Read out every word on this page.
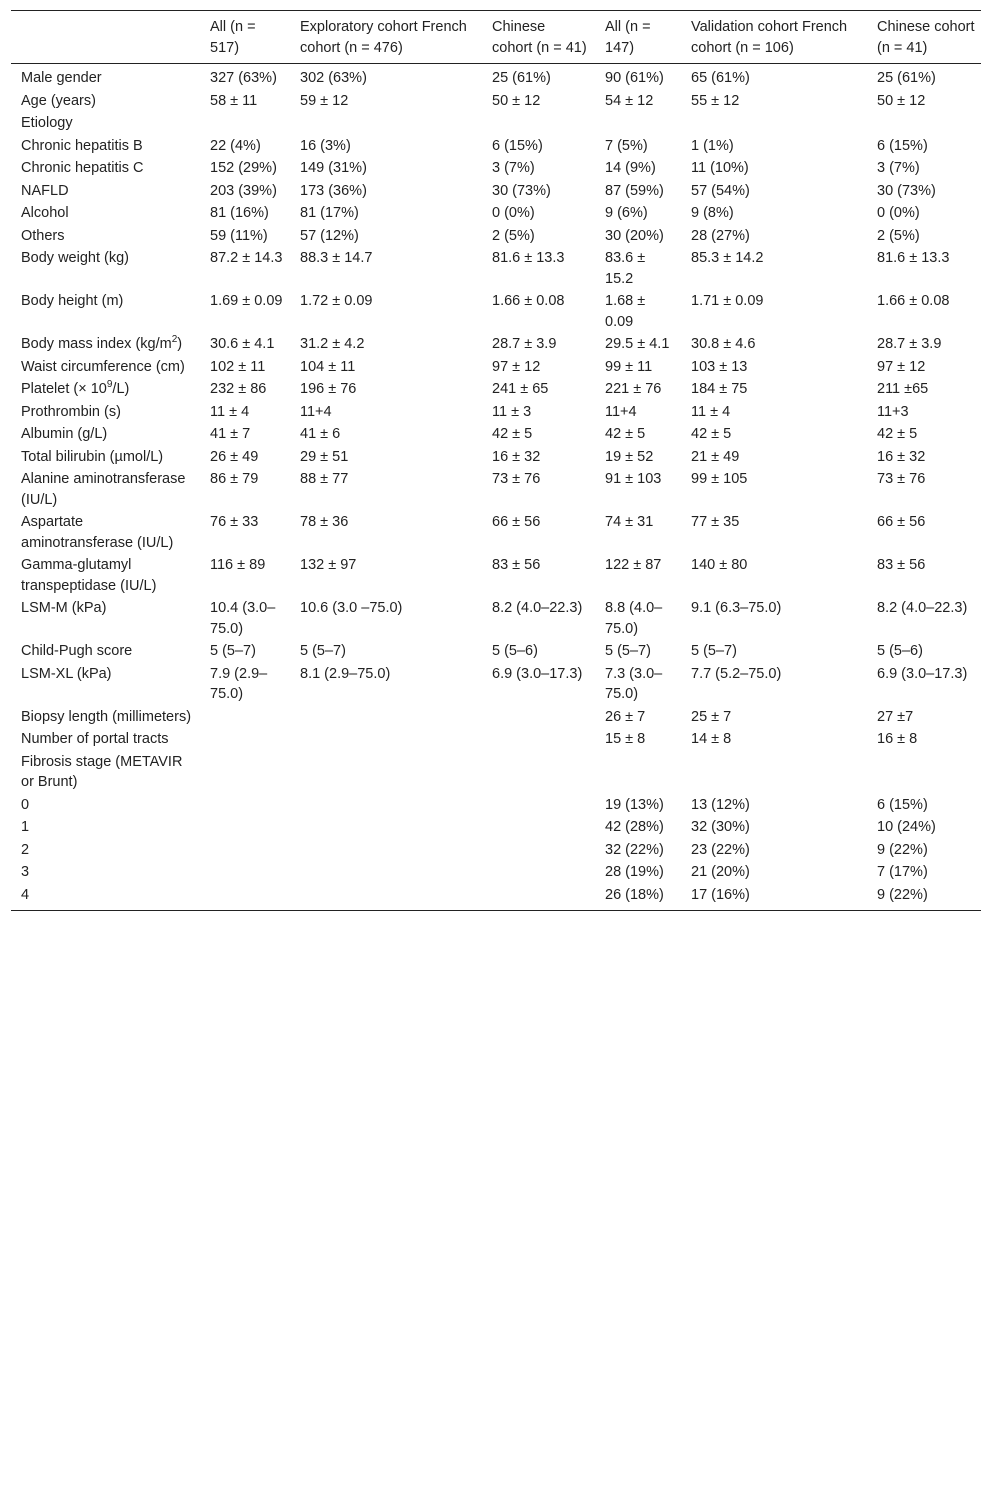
	All (n = 517)	Exploratory cohort French cohort (n = 476)	Chinese cohort (n = 41)	All (n = 147)	Validation cohort French cohort (n = 106)	Chinese cohort (n = 41)
Male gender	327 (63%)	302 (63%)	25 (61%)	90 (61%)	65 (61%)	25 (61%)
Age (years)	58 ± 11	59 ± 12	50 ± 12	54 ± 12	55 ± 12	50 ± 12
Etiology						
Chronic hepatitis B	22 (4%)	16 (3%)	6 (15%)	7 (5%)	1 (1%)	6 (15%)
Chronic hepatitis C	152 (29%)	149 (31%)	3 (7%)	14 (9%)	11 (10%)	3 (7%)
NAFLD	203 (39%)	173 (36%)	30 (73%)	87 (59%)	57 (54%)	30 (73%)
Alcohol	81 (16%)	81 (17%)	0 (0%)	9 (6%)	9 (8%)	0 (0%)
Others	59 (11%)	57 (12%)	2 (5%)	30 (20%)	28 (27%)	2 (5%)
Body weight (kg)	87.2 ± 14.3	88.3 ± 14.7	81.6 ± 13.3	83.6 ± 15.2	85.3 ± 14.2	81.6 ± 13.3
Body height (m)	1.69 ± 0.09	1.72 ± 0.09	1.66 ± 0.08	1.68 ± 0.09	1.71 ± 0.09	1.66 ± 0.08
Body mass index $(kg/m^2)$	30.6 ± 4.1	31.2 ± 4.2	28.7 ± 3.9	29.5 ± 4.1	30.8 ± 4.6	28.7 ± 3.9
Waist circumference (cm)	102 ± 11	104 ± 11	97 ± 12	99 ± 11	103 ± 13	97 ± 12
Platelet (× $10^9/L$)	232 ± 86	196 ± 76	241 ± 65	221 ± 76	184 ± 75	211 ±65
Prothrombin (s)	11 ± 4	11+4	11 ± 3	11+4	11 ± 4	11+3
Albumin (g/L)	41 ± 7	41 ± 6	42 ± 5	42 ± 5	42 ± 5	42 ± 5
Total bilirubin (µmol/L)	26 ± 49	29 ± 51	16 ± 32	19 ± 52	21 ± 49	16 ± 32
Alanine aminotransferase (IU/L)	86 ± 79	88 ± 77	73 ± 76	91 ± 103	99 ± 105	73 ± 76
Aspartate aminotransferase (IU/L)	76 ± 33	78 ± 36	66 ± 56	74 ± 31	77 ± 35	66 ± 56
Gamma-glutamyl transpeptidase (IU/L)	116 ± 89	132 ± 97	83 ± 56	122 ± 87	140 ± 80	83 ± 56
LSM-M (kPa)	10.4 (3.0–75.0)	10.6 (3.0 –75.0)	8.2 (4.0–22.3)	8.8 (4.0–75.0)	9.1 (6.3–75.0)	8.2 (4.0–22.3)
Child-Pugh score	5 (5–7)	5 (5–7)	5 (5–6)	5 (5–7)	5 (5–7)	5 (5–6)
LSM-XL (kPa)	7.9 (2.9–75.0)	8.1 (2.9–75.0)	6.9 (3.0–17.3)	7.3 (3.0–75.0)	7.7 (5.2–75.0)	6.9 (3.0–17.3)
Biopsy length (millimeters)				26 ± 7	25 ± 7	27 ±7
Number of portal tracts				15 ± 8	14 ± 8	16 ± 8
Fibrosis stage (METAVIR or Brunt)						
0				19 (13%)	13 (12%)	6 (15%)
1				42 (28%)	32 (30%)	10 (24%)
2				32 (22%)	23 (22%)	9 (22%)
3				28 (19%)	21 (20%)	7 (17%)
4				26 (18%)	17 (16%)	9 (22%)
